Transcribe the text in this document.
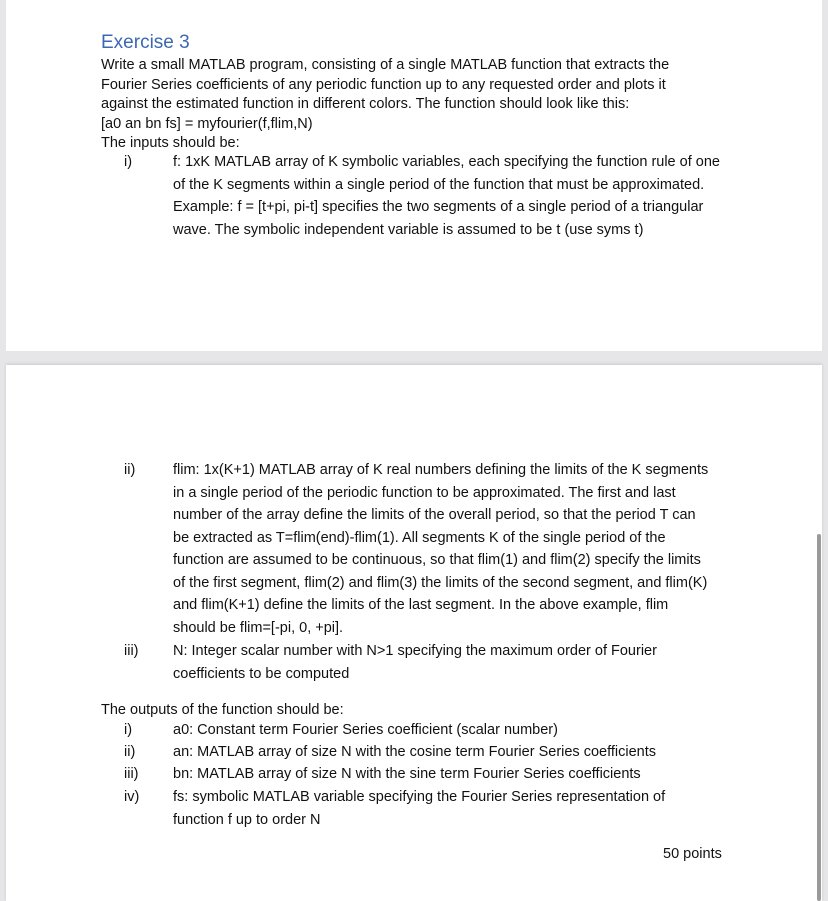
Exercise 3
Write a small MATLAB program, consisting of a single MATLAB function that extracts the
Fourier Series coefficients of any periodic function up to any requested order and plots it
against the estimated function in different colors. The function should look like this:
[a0 an bn fs] = myfourier(f,flim,N)
The inputs should be:
i)	f: 1xK MATLAB array of K symbolic variables, each specifying the function rule of one
of the K segments within a single period of the function that must be approximated.
Example: f = [t+pi, pi-t] specifies the two segments of a single period of a triangular
wave. The symbolic independent variable is assumed to be t (use syms t)
ii)	flim: 1x(K+1) MATLAB array of K real numbers defining the limits of the K segments
in a single period of the periodic function to be approximated. The first and last
number of the array define the limits of the overall period, so that the period T can
be extracted as T=flim(end)-flim(1). All segments K of the single period of the
function are assumed to be continuous, so that flim(1) and flim(2) specify the limits
of the first segment, flim(2) and flim(3) the limits of the second segment, and flim(K)
and flim(K+1) define the limits of the last segment. In the above example, flim
should be flim=[-pi, 0, +pi].
iii) N: Integer scalar number with N>1 specifying the maximum order of Fourier
coefficients to be computed
The outputs of the function should be:
i)	a0: Constant term Fourier Series coefficient (scalar number)
ii)	an: MATLAB array of size N with the cosine term Fourier Series coefficients
iii) bn: MATLAB array of size N with the sine term Fourier Series coefficients
iv) fs: symbolic MATLAB variable specifying the Fourier Series representation of
function f up to order N
50 points
